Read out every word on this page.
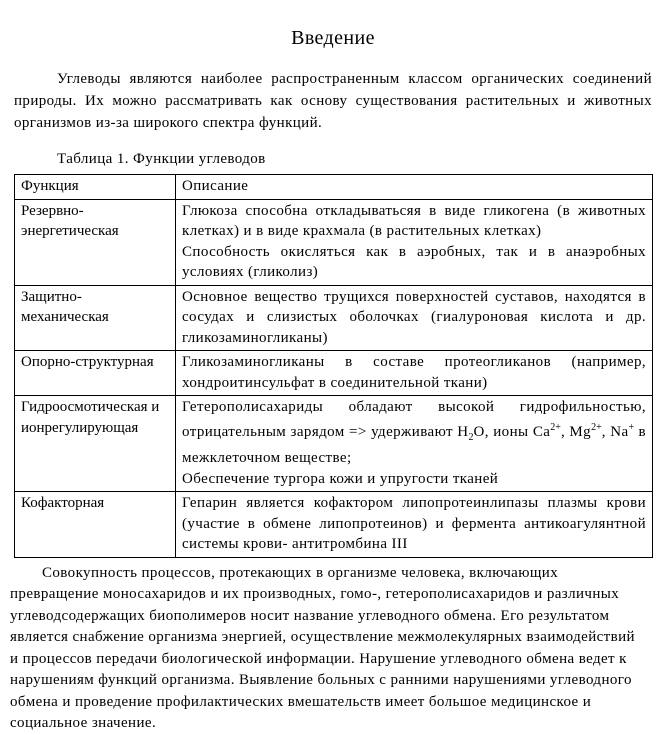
Введение

Углеводы являются наиболее распространенным классом органических соединений природы. Их можно рассматривать как основу существования растительных и животных организмов из-за широкого спектра функций.

Таблица 1. Функции углеводов

Функция	Описание
Резервно-энергетическая	Глюкоза способна откладыватьсяя в виде гликогена (в животных клетках) и в виде крахмала (в растительных клетках)
Способность окисляться как в аэробных, так и в анаэробных условиях (гликолиз)

Защитно-механическая	Основное вещество трущихся поверхностей суставов, находятся в сосудах и слизистых оболочках (гиалуроновая кислота и др. гликозаминогликаны)

Опорно-структурная	Гликозаминогликаны в составе протеогликанов (например, хондроитинсульфат в соединительной ткани)

Гидроосмотическая и ионрегулирующая	Гетерополисахариды обладают высокой гидрофильностью, отрицательным зарядом => удерживают $H_2O$, ионы $Ca^{2+}$, $Mg^{2+}$, Na+ в межклеточном веществе;
Обеспечение тургора кожи и упругости тканей

Кофакторная	Гепарин является кофактором липопротеинлипазы плазмы крови (участие в обмене липопротеинов) и фермента антикоагулянтной системы крови- антитромбина III
Совокупность процессов, протекающих в организме человека, включающих
превращение моносахаридов и их производных, гомо-, гетерополисахаридов и различных
углеводсодержащих биополимеров носит название углеводного обмена. Его результатом
является снабжение организма энергией, осуществление межмолекулярных взаимодействий
и процессов передачи биологической информации. Нарушение углеводного обмена ведет к
нарушениям функций организма. Выявление больных с ранними нарушениями углеводного
обмена и проведение профилактических вмешательств имеет большое медицинское и
социальное значение.
